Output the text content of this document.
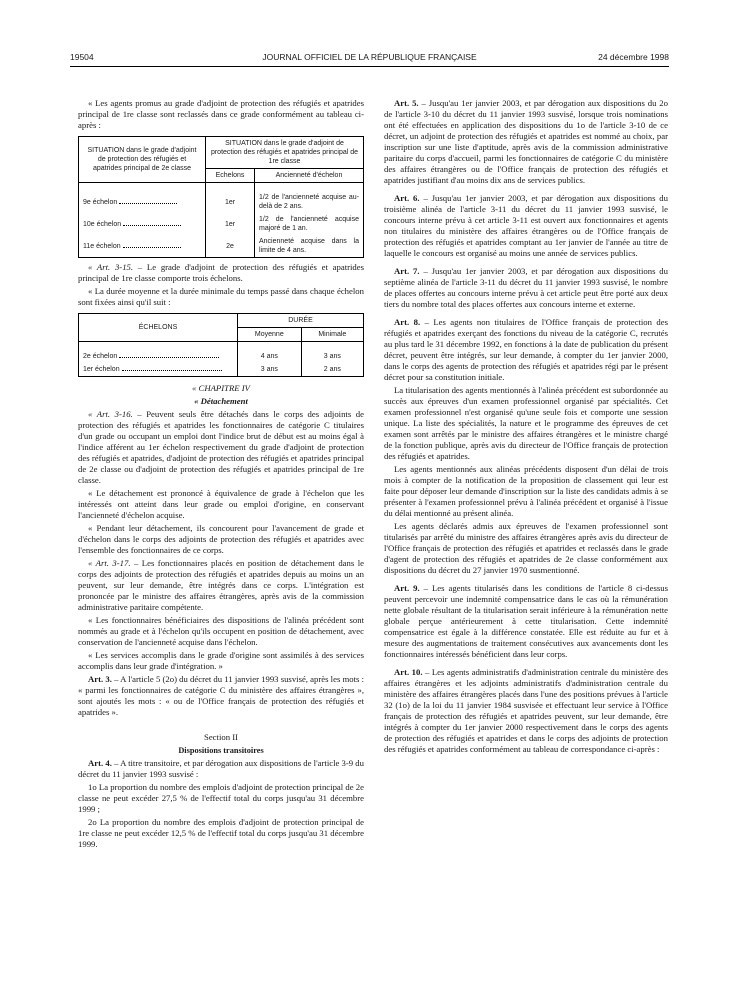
19504	JOURNAL OFFICIEL DE LA RÉPUBLIQUE FRANÇAISE	24 décembre 1998

« Les agents promus au grade d'adjoint de protection des réfugiés et apatrides principal de 1re classe sont reclassés dans ce grade conformément au tableau ci-après :

SITUATION dans le grade d'adjoint de protection des réfugiés et apatrides principal de 2e classe	SITUATION dans le grade d'adjoint de protection des réfugiés et apatrides principal de 1re classe	
	Echelons	Ancienneté d'échelon
9e échelon	1er	1/2 de l'ancienneté acquise au-delà de 2 ans.
10e échelon	1er	1/2 de l'ancienneté acquise majoré de 1 an.
11e échelon	2e	Ancienneté acquise dans la limite de 4 ans.

« Art. 3-15. – Le grade d'adjoint de protection des réfugiés et apatrides principal de 1re classe comporte trois échelons.

« La durée moyenne et la durée minimale du temps passé dans chaque échelon sont fixées ainsi qu'il suit :

ÉCHELONS	DURÉE	
	Moyenne	Minimale
2e échelon	4 ans	3 ans
1er échelon	3 ans	2 ans

« CHAPITRE IV

« Détachement

« Art. 3-16. – Peuvent seuls être détachés dans le corps des adjoints de protection des réfugiés et apatrides les fonctionnaires de catégorie C titulaires d'un grade ou occupant un emploi dont l'indice brut de début est au moins égal à l'indice afférent au 1er échelon respectivement du grade d'adjoint de protection des réfugiés et apatrides, d'adjoint de protection des réfugiés et apatrides principal de 2e classe ou d'adjoint de protection des réfugiés et apatrides principal de 1re classe.

« Le détachement est prononcé à équivalence de grade à l'échelon que les intéressés ont atteint dans leur grade ou emploi d'origine, en conservant l'ancienneté d'échelon acquise.

« Pendant leur détachement, ils concourent pour l'avancement de grade et d'échelon dans le corps des adjoints de protection des réfugiés et apatrides avec l'ensemble des fonctionnaires de ce corps.

« Art. 3-17. – Les fonctionnaires placés en position de détachement dans le corps des adjoints de protection des réfugiés et apatrides depuis au moins un an peuvent, sur leur demande, être intégrés dans ce corps. L'intégration est prononcée par le ministre des affaires étrangères, après avis de la commission administrative paritaire compétente.

« Les fonctionnaires bénéficiaires des dispositions de l'alinéa précédent sont nommés au grade et à l'échelon qu'ils occupent en position de détachement, avec conservation de l'ancienneté acquise dans l'échelon.

« Les services accomplis dans le grade d'origine sont assimilés à des services accomplis dans leur grade d'intégration. »

Art. 3. – A l'article 5 (2o) du décret du 11 janvier 1993 susvisé, après les mots : « parmi les fonctionnaires de catégorie C du ministère des affaires étrangères », sont ajoutés les mots : « ou de l'Office français de protection des réfugiés et apatrides ».

Section II

Dispositions transitoires

Art. 4. – A titre transitoire, et par dérogation aux dispositions de l'article 3-9 du décret du 11 janvier 1993 susvisé :

1o La proportion du nombre des emplois d'adjoint de protection principal de 2e classe ne peut excéder 27,5 % de l'effectif total du corps jusqu'au 31 décembre 1999 ;

2o La proportion du nombre des emplois d'adjoint de protection principal de 1re classe ne peut excéder 12,5 % de l'effectif total du corps jusqu'au 31 décembre 1999.

Art. 5. – Jusqu'au 1er janvier 2003, et par dérogation aux dispositions du 2o de l'article 3-10 du décret du 11 janvier 1993 susvisé, lorsque trois nominations ont été effectuées en application des dispositions du 1o de l'article 3-10 de ce décret, un adjoint de protection des réfugiés et apatrides est nommé au choix, par inscription sur une liste d'aptitude, après avis de la commission administrative paritaire du corps d'accueil, parmi les fonctionnaires de catégorie C du ministère des affaires étrangères ou de l'Office français de protection des réfugiés et apatrides justifiant d'au moins dix ans de services publics.

Art. 6. – Jusqu'au 1er janvier 2003, et par dérogation aux dispositions du troisième alinéa de l'article 3-11 du décret du 11 janvier 1993 susvisé, le concours interne prévu à cet article 3-11 est ouvert aux fonctionnaires et agents non titulaires du ministère des affaires étrangères ou de l'Office français de protection des réfugiés et apatrides comptant au 1er janvier de l'année au titre de laquelle le concours est organisé au moins une année de services publics.

Art. 7. – Jusqu'au 1er janvier 2003, et par dérogation aux dispositions du septième alinéa de l'article 3-11 du décret du 11 janvier 1993 susvisé, le nombre de places offertes au concours interne prévu à cet article peut être porté aux deux tiers du nombre total des places offertes aux concours interne et externe.

Art. 8. – Les agents non titulaires de l'Office français de protection des réfugiés et apatrides exerçant des fonctions du niveau de la catégorie C, recrutés au plus tard le 31 décembre 1992, en fonctions à la date de publication du présent décret, peuvent être intégrés, sur leur demande, à compter du 1er janvier 2000, dans le corps des agents de protection des réfugiés et apatrides régi par le présent décret pour sa constitution initiale.

La titularisation des agents mentionnés à l'alinéa précédent est subordonnée au succès aux épreuves d'un examen professionnel organisé par spécialités. Cet examen professionnel n'est organisé qu'une seule fois et comporte une session unique. La liste des spécialités, la nature et le programme des épreuves de cet examen sont arrêtés par le ministre des affaires étrangères et le ministre chargé de la fonction publique, après avis du directeur de l'Office français de protection des réfugiés et apatrides.

Les agents mentionnés aux alinéas précédents disposent d'un délai de trois mois à compter de la notification de la proposition de classement qui leur est faite pour déposer leur demande d'inscription sur la liste des candidats admis à se présenter à l'examen professionnel prévu à l'alinéa précédent et organisé à l'issue du délai mentionné au présent alinéa.

Les agents déclarés admis aux épreuves de l'examen professionnel sont titularisés par arrêté du ministre des affaires étrangères après avis du directeur de l'Office français de protection des réfugiés et apatrides et reclassés dans le grade d'agent de protection des réfugiés et apatrides de 2e classe conformément aux dispositions du décret du 27 janvier 1970 susmentionné.

Art. 9. – Les agents titularisés dans les conditions de l'article 8 ci-dessus peuvent percevoir une indemnité compensatrice dans le cas où la rémunération nette globale résultant de la titularisation serait inférieure à la rémunération nette globale perçue antérieurement à cette titularisation. Cette indemnité compensatrice est égale à la différence constatée. Elle est réduite au fur et à mesure des augmentations de traitement consécutives aux avancements dont les fonctionnaires intéressés bénéficient dans leur corps.

Art. 10. – Les agents administratifs d'administration centrale du ministère des affaires étrangères et les adjoints administratifs d'administration centrale du ministère des affaires étrangères placés dans l'une des positions prévues à l'article 32 (1o) de la loi du 11 janvier 1984 susvisée et effectuant leur service à l'Office français de protection des réfugiés et apatrides peuvent, sur leur demande, être intégrés à compter du 1er janvier 2000 respectivement dans le corps des agents de protection des réfugiés et apatrides et dans le corps des adjoints de protection des réfugiés et apatrides conformément au tableau de correspondance ci-après :
